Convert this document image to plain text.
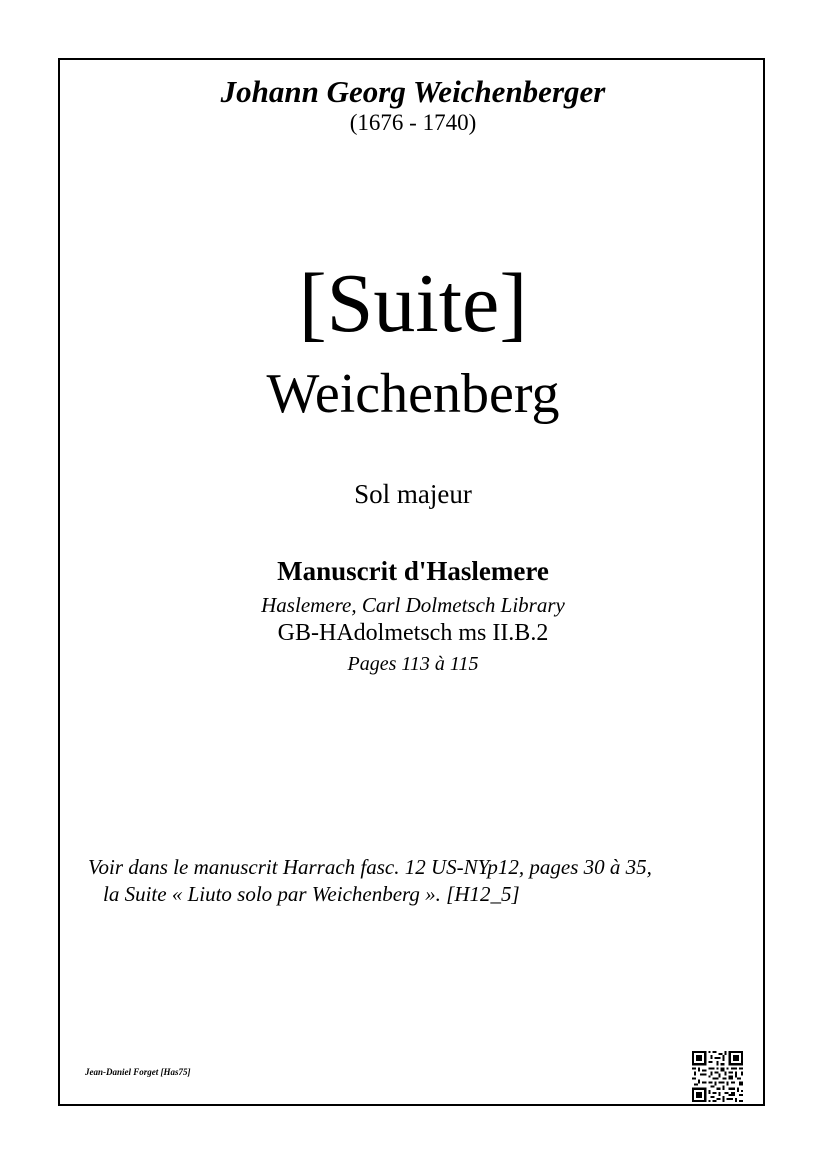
Johann Georg Weichenberger
(1676 - 1740)
[Suite]
Weichenberg
Sol majeur
Manuscrit d'Haslemere
Haslemere, Carl Dolmetsch Library
GB-HAdolmetsch ms II.B.2
Pages 113 à 115
Voir dans le manuscrit Harrach fasc. 12 US-NYp12, pages 30 à 35,
la Suite « Liuto solo par Weichenberg ». [H12_5]
Jean-Daniel Forget [Has75]
